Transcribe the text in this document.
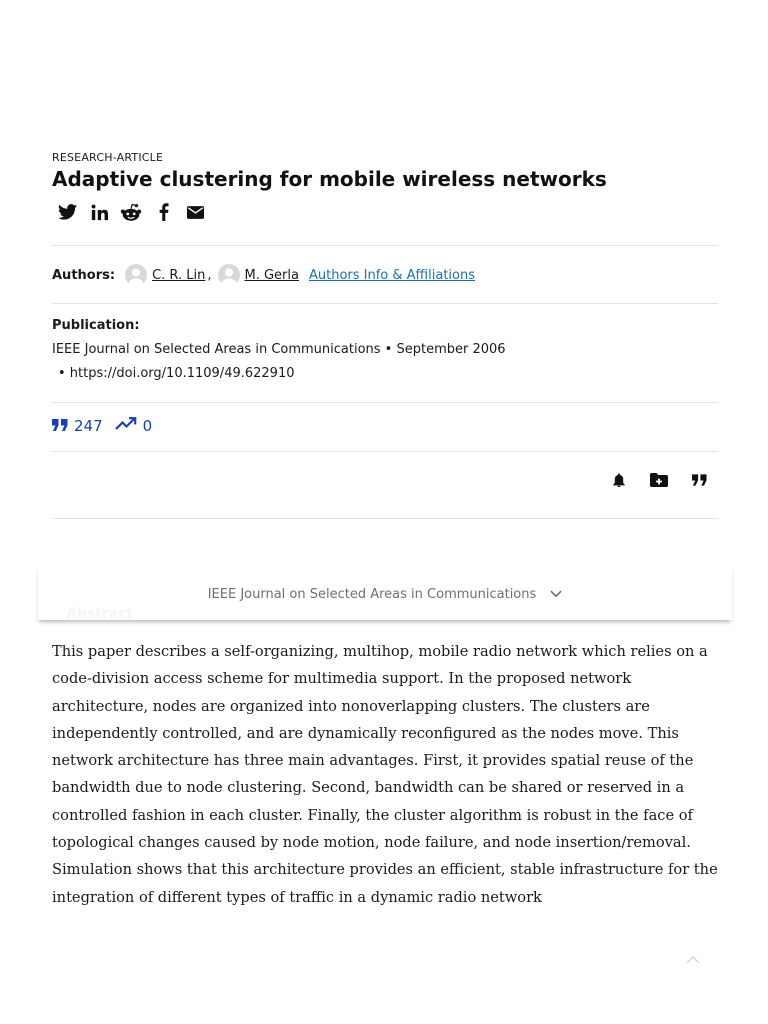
RESEARCH-ARTICLE
Adaptive clustering for mobile wireless networks
Authors:	C. R. Lin ,	M. Gerla Authors Info & Affiliations
Publication:
IEEE Journal on Selected Areas in Communications • September 2006
• https://doi.org/10.1109/49.622910
247	0
IEEE Journal on Selected Areas in Communications

This paper describes a self-organizing, multihop, mobile radio network which relies on a code-division access scheme for multimedia support. In the proposed network architecture, nodes are organized into nonoverlapping clusters. The clusters are independently controlled, and are dynamically reconfigured as the nodes move. This network architecture has three main advantages. First, it provides spatial reuse of the bandwidth due to node clustering. Second, bandwidth can be shared or reserved in a controlled fashion in each cluster. Finally, the cluster algorithm is robust in the face of topological changes caused by node motion, node failure, and node insertion/removal. Simulation shows that this architecture provides an efficient, stable infrastructure for the integration of different types of traffic in a dynamic radio network
